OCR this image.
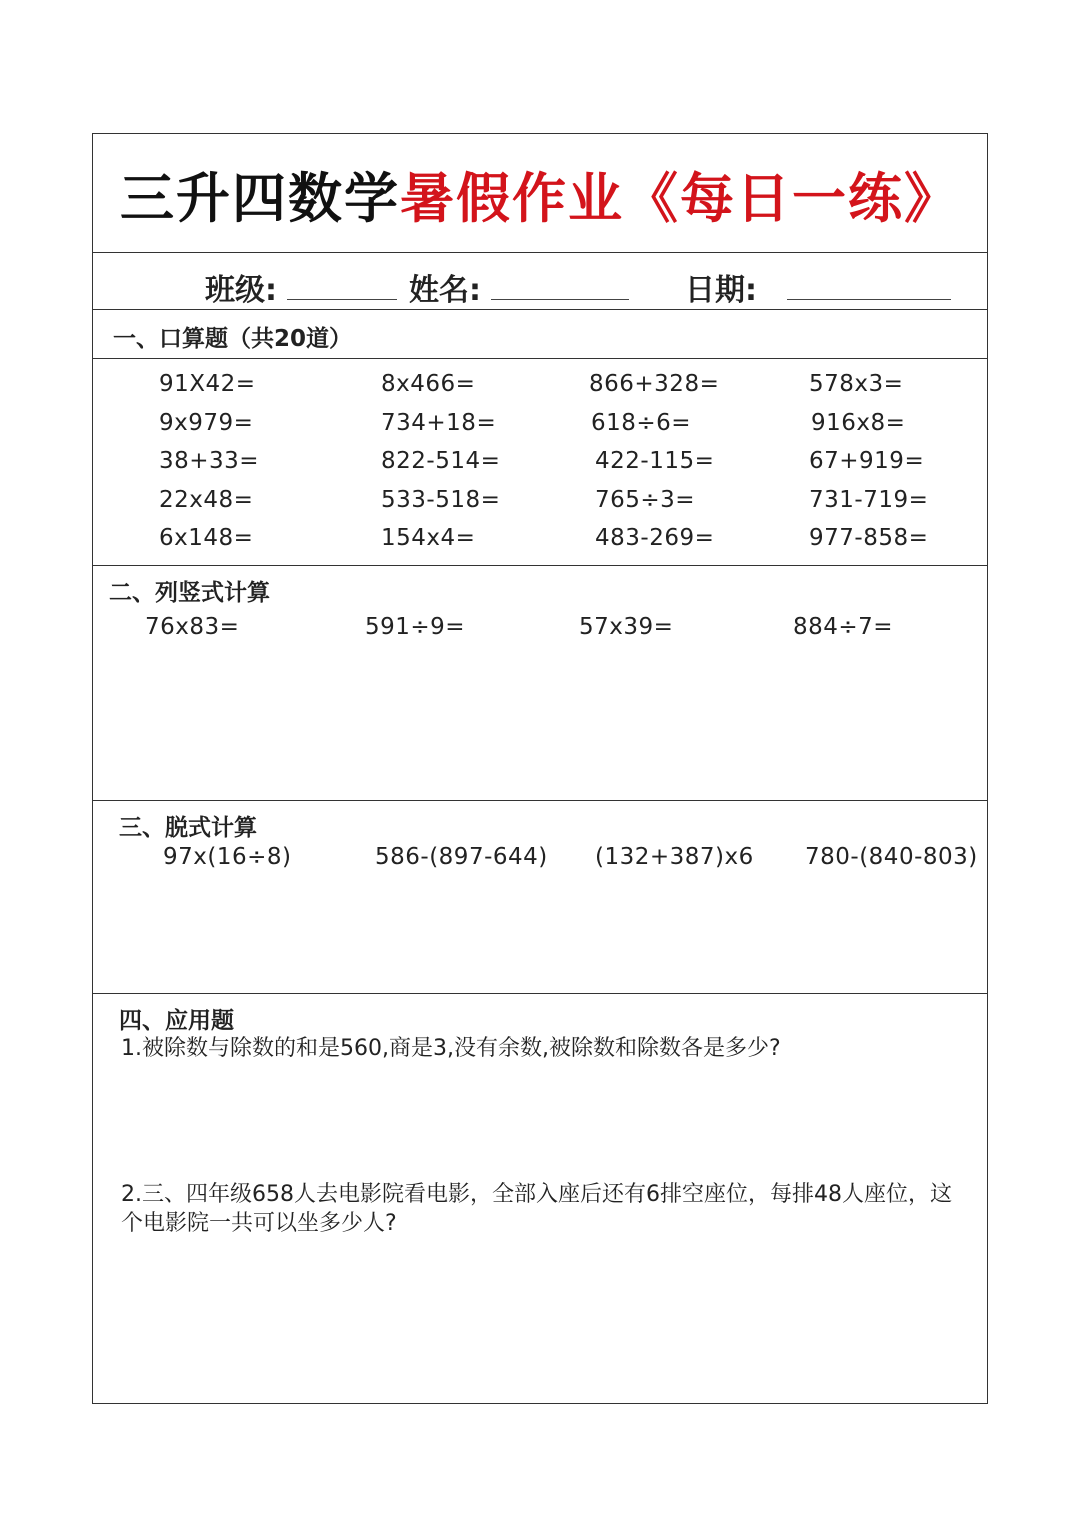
三升四数学暑假作业《每日一练》
班级:	姓名:	日期:
一、口算题（共20道）
91X42=	8x466=	866+328=	578x3=
9x979=	734+18=	618÷6=	916x8=
38+33=	822-514=	422-115=	67+919=
22x48=	533-518=	765÷3=	731-719=
6x148=	154x4=	483-269=	977-858=
二、列竖式计算
76x83=	591÷9=	57x39=	884÷7=
三、脱式计算
97x(16÷8)	586-(897-644) (132+387)x6 780-(840-803)
四、应用题
1.被除数与除数的和是560,商是3,没有余数,被除数和除数各是多少?
2.三、四年级658人去电影院看电影，全部入座后还有6排空座位，每排48人座位，这个电影院一共可以坐多少人?
